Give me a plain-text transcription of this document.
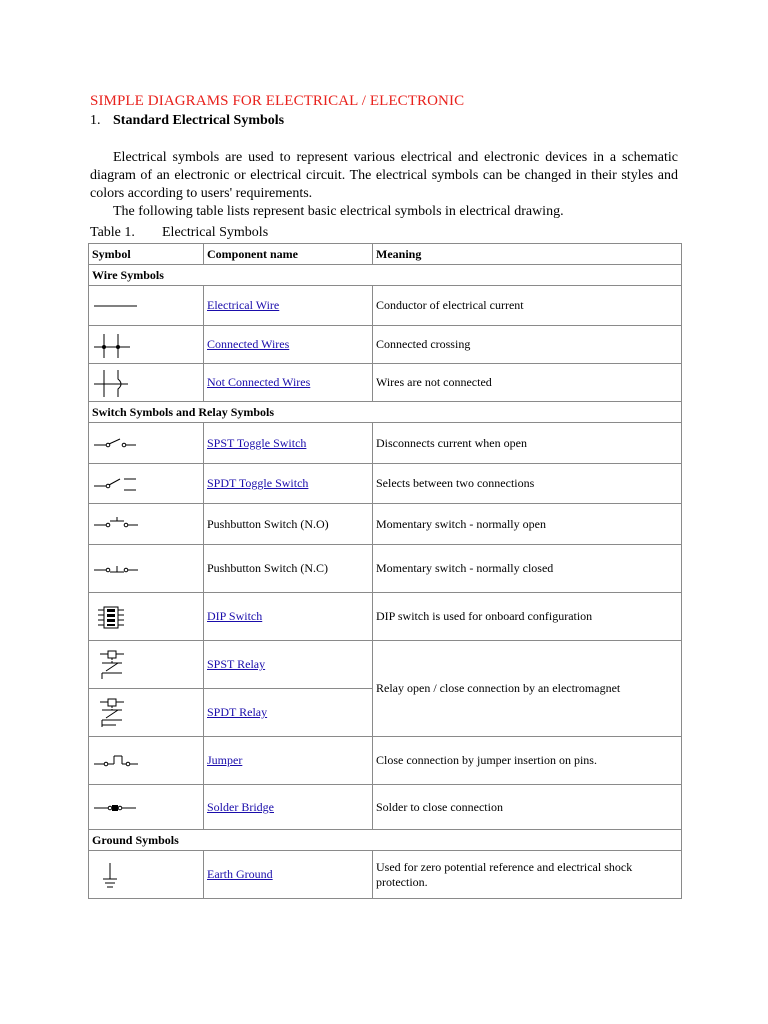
SIMPLE DIAGRAMS FOR ELECTRICAL / ELECTRONIC
1. Standard Electrical Symbols

Electrical symbols are used to represent various electrical and electronic devices in a schematic diagram of an electronic or electrical circuit. The electrical symbols can be changed in their styles and colors according to users' requirements.

The following table lists represent basic electrical symbols in electrical drawing.

Table 1.	Electrical Symbols
Symbol	Component name	Meaning
Wire Symbols		

	Electrical Wire	Conductor of electrical current

	Connected Wires	Connected crossing

	Not Connected Wires	Wires are not connected
Switch Symbols and Relay Symbols		

	SPST Toggle Switch	Disconnects current when open

	SPDT Toggle Switch	Selects between two connections

	Pushbutton Switch (N.O)	Momentary switch - normally open

	Pushbutton Switch (N.C)	Momentary switch - normally closed

	DIP Switch	DIP switch is used for onboard configuration

	SPST Relay	Relay open / close connection by an electromagnet

	SPDT Relay	

	Jumper	Close connection by jumper insertion on pins.

	Solder Bridge	Solder to close connection
Ground Symbols		

	Earth Ground	Used for zero potential reference and electrical shock protection.
